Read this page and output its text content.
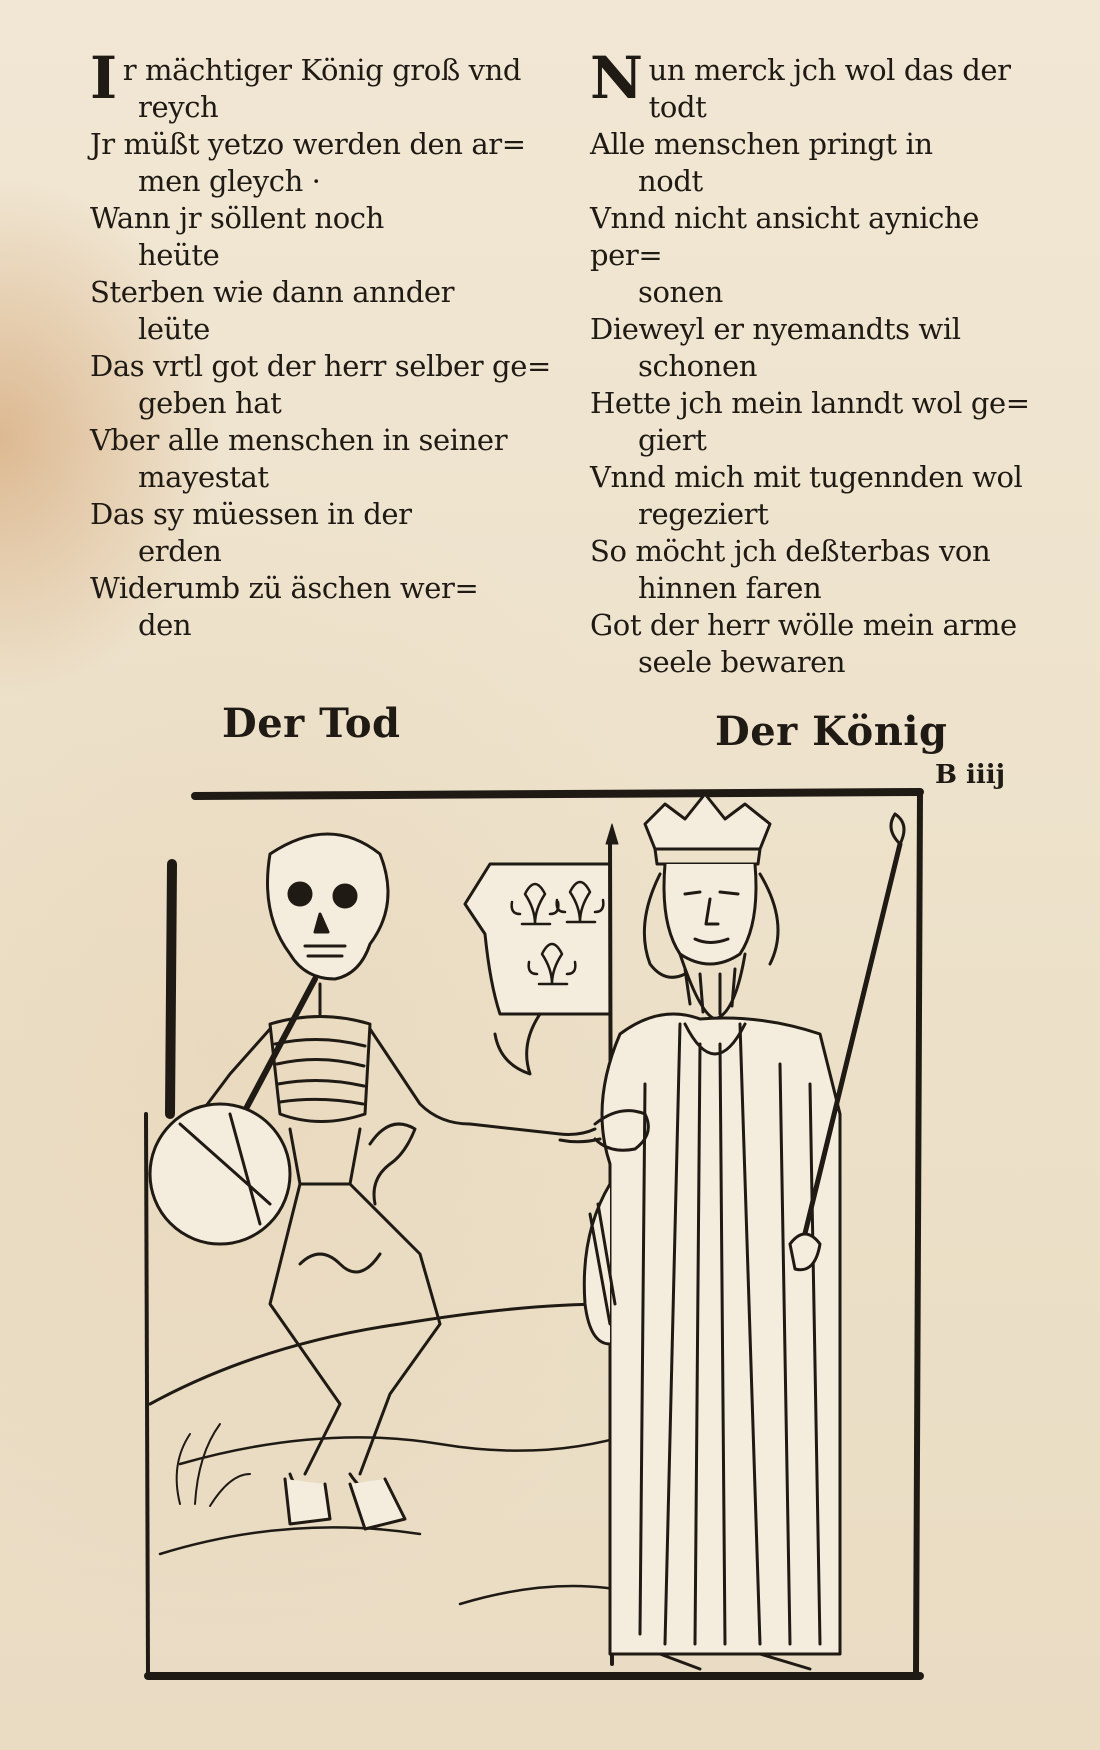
I r mächtiger König groß vnd
reych

Jr müßt yetzo werden den ar=
men gleych ·

Wann jr söllent noch
heüte

Sterben wie dann annder
leüte

Das vrtl got der herr selber ge=
geben hat

Vber alle menschen in seiner
mayestat

Das sy müessen in der
erden

Widerumb zü äschen wer=
den

N un merck jch wol das der
todt

Alle menschen pringt in
nodt

Vnnd nicht ansicht ayniche per=
sonen

Dieweyl er nyemandts wil
schonen

Hette jch mein lanndt wol ge=
giert

Vnnd mich mit tugennden wol
regeziert

So möcht jch deßterbas von
hinnen faren

Got der herr wölle mein arme
seele bewaren

Der Tod	Der König
B iiij
